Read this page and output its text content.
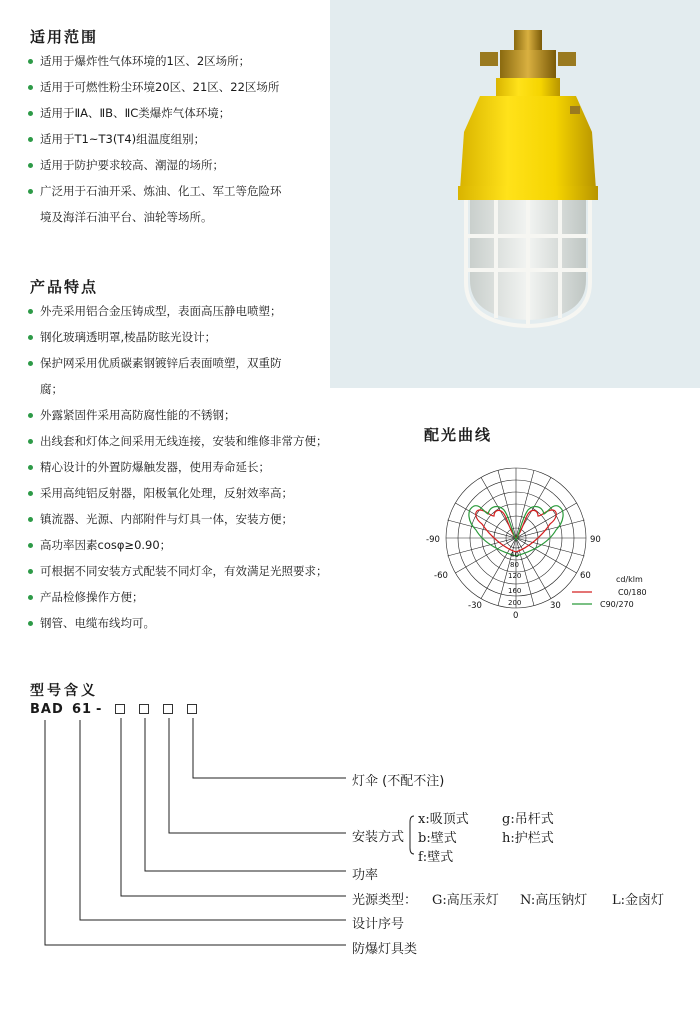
适用范围
适用于爆炸性气体环境的1区、2区场所；
适用于可燃性粉尘环境20区、21区、22区场所
适用于ⅡA、ⅡB、ⅡC类爆炸气体环境；
适用于T1~T3(T4)组温度组别；
适用于防护要求较高、潮湿的场所；
广泛用于石油开采、炼油、化工、军工等危险环
境及海洋石油平台、油轮等场所。
产品特点
外壳采用铝合金压铸成型，表面高压静电喷塑；
钢化玻璃透明罩,棱晶防眩光设计；
保护网采用优质碳素钢镀锌后表面喷塑，双重防
腐；
外露紧固件采用高防腐性能的不锈钢；
出线套和灯体之间采用无线连接，安装和维修非常方便；
精心设计的外置防爆触发器，使用寿命延长；
采用高纯铝反射器，阳极氧化处理，反射效率高；
镇流器、光源、内部附件与灯具一体，安装方便；
高功率因素cosφ≥0.90；
可根据不同安装方式配装不同灯伞，有效满足光照要求；
产品检修操作方便；
钢管、电缆布线均可。
配光曲线
-90	90
-60	60
-30	30
0
40
80
120
160
200
cd/klm
C0/180
C90/270
型号含义
BAD 61 -
灯伞 (不配不注)
安装方式
x:吸顶式	g:吊杆式
b:壁式	h:护栏式
f:壁式
功率
光源类型： G:高压汞灯 N:高压钠灯 L:金卤灯
设计序号
防爆灯具类
